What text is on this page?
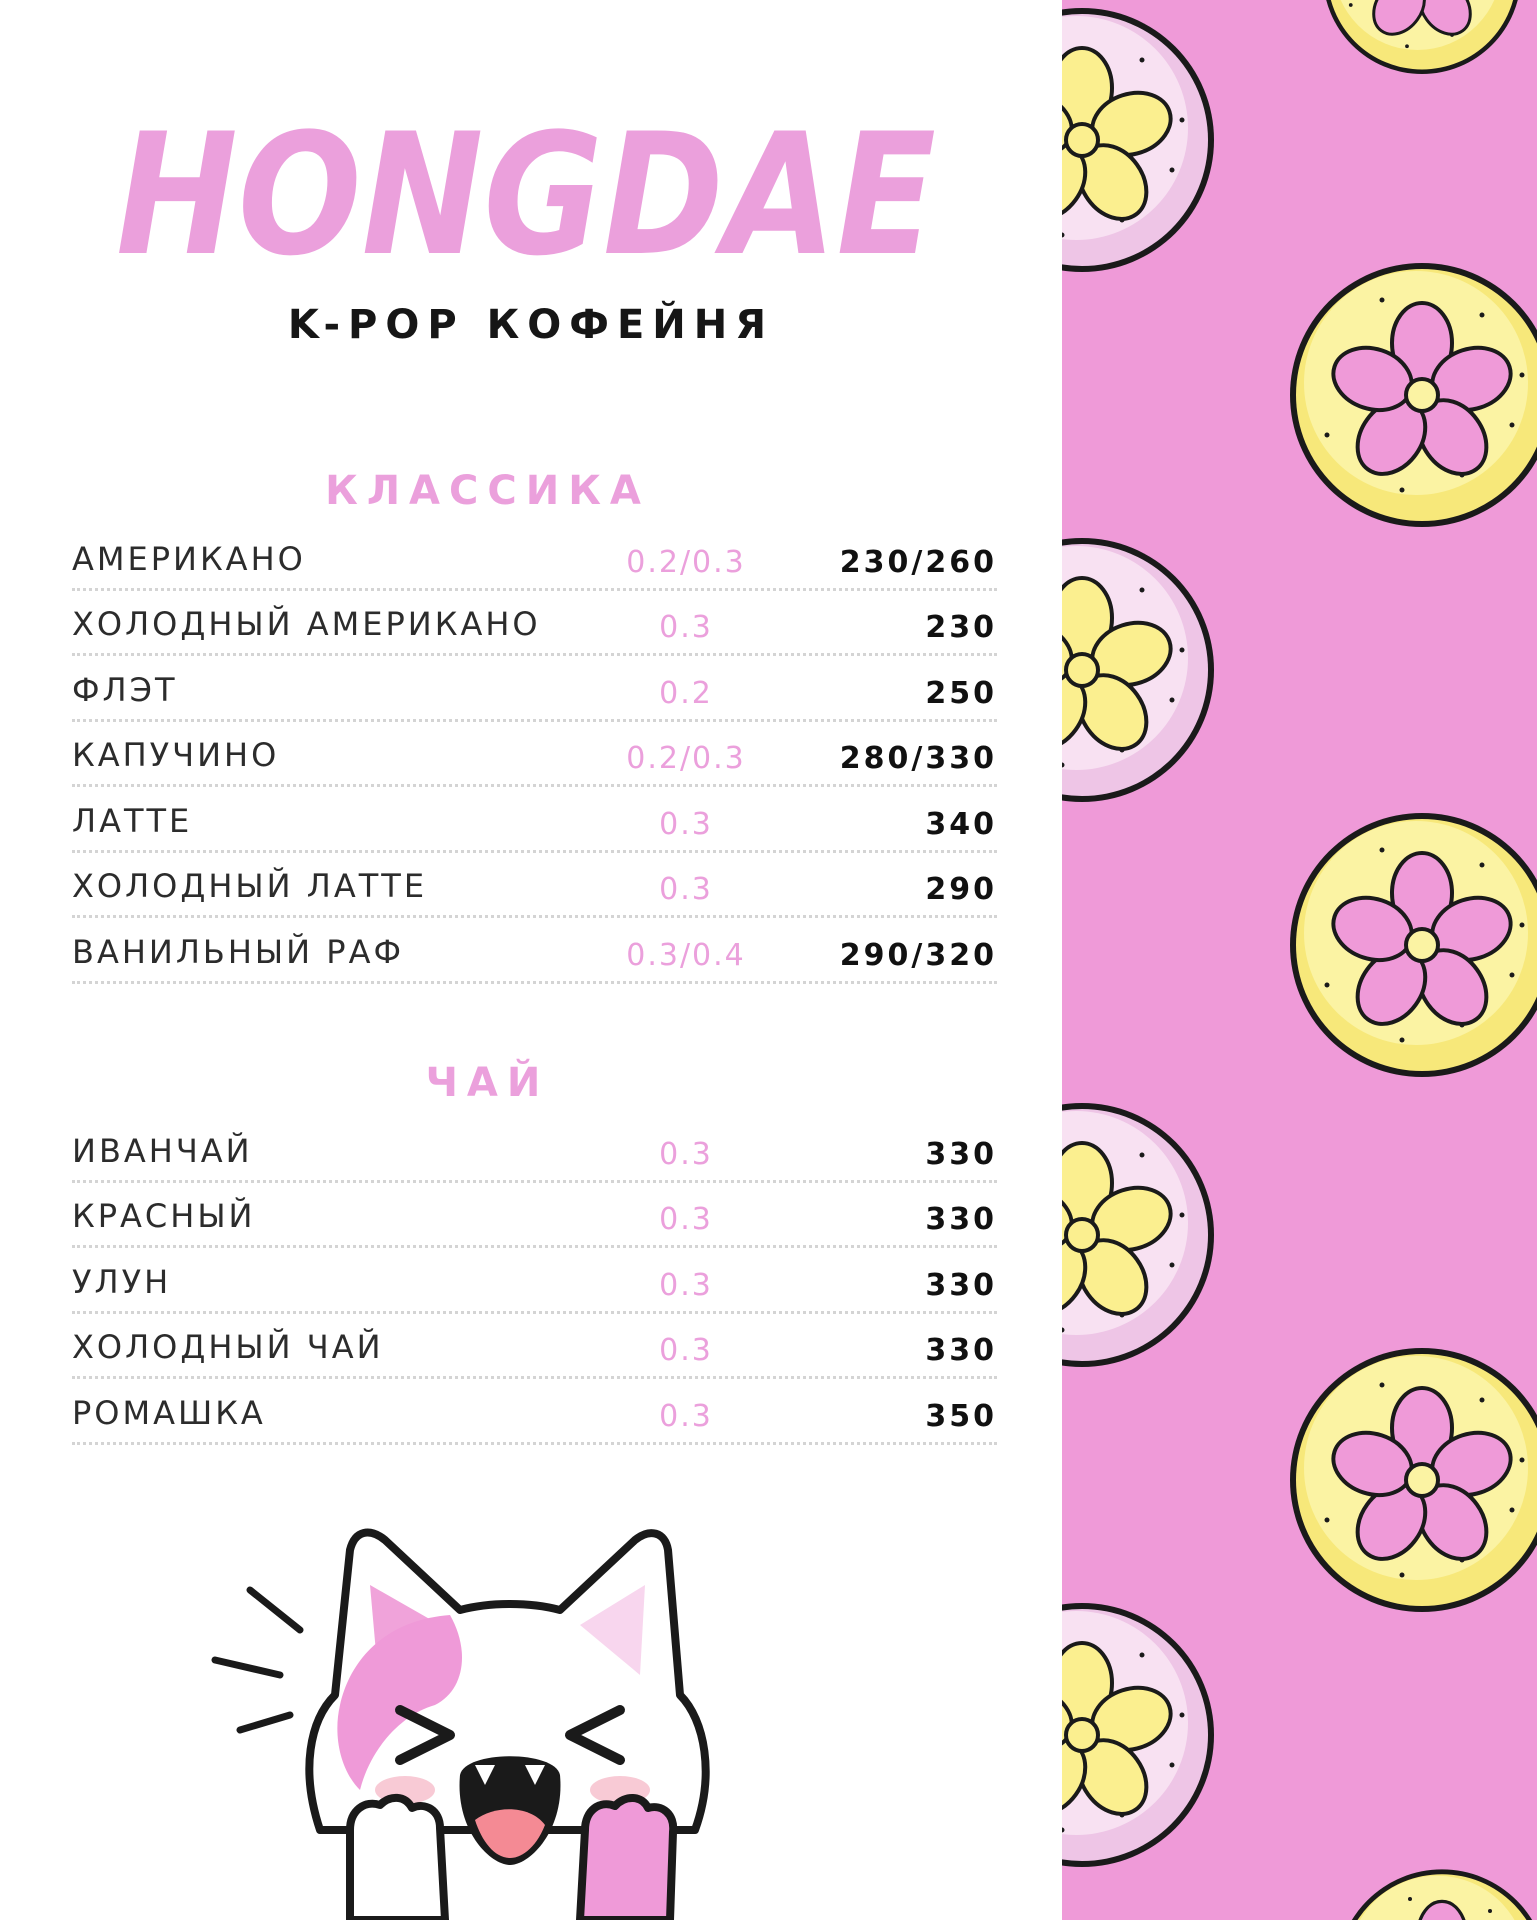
HONGDAE
K-POP КОФЕЙНЯ
КЛАССИКА
АМЕРИКАНО	0.2/0.3	230/260
ХОЛОДНЫЙ АМЕРИКАНО	0.3	230
ФЛЭТ	0.2	250
КАПУЧИНО	0.2/0.3	280/330
ЛАТТЕ	0.3	340
ХОЛОДНЫЙ ЛАТТЕ	0.3	290
ВАНИЛЬНЫЙ РАФ	0.3/0.4	290/320
ЧАЙ
ИВАНЧАЙ	0.3	330
КРАСНЫЙ	0.3	330
УЛУН	0.3	330
ХОЛОДНЫЙ ЧАЙ	0.3	330
РОМАШКА	0.3	350
